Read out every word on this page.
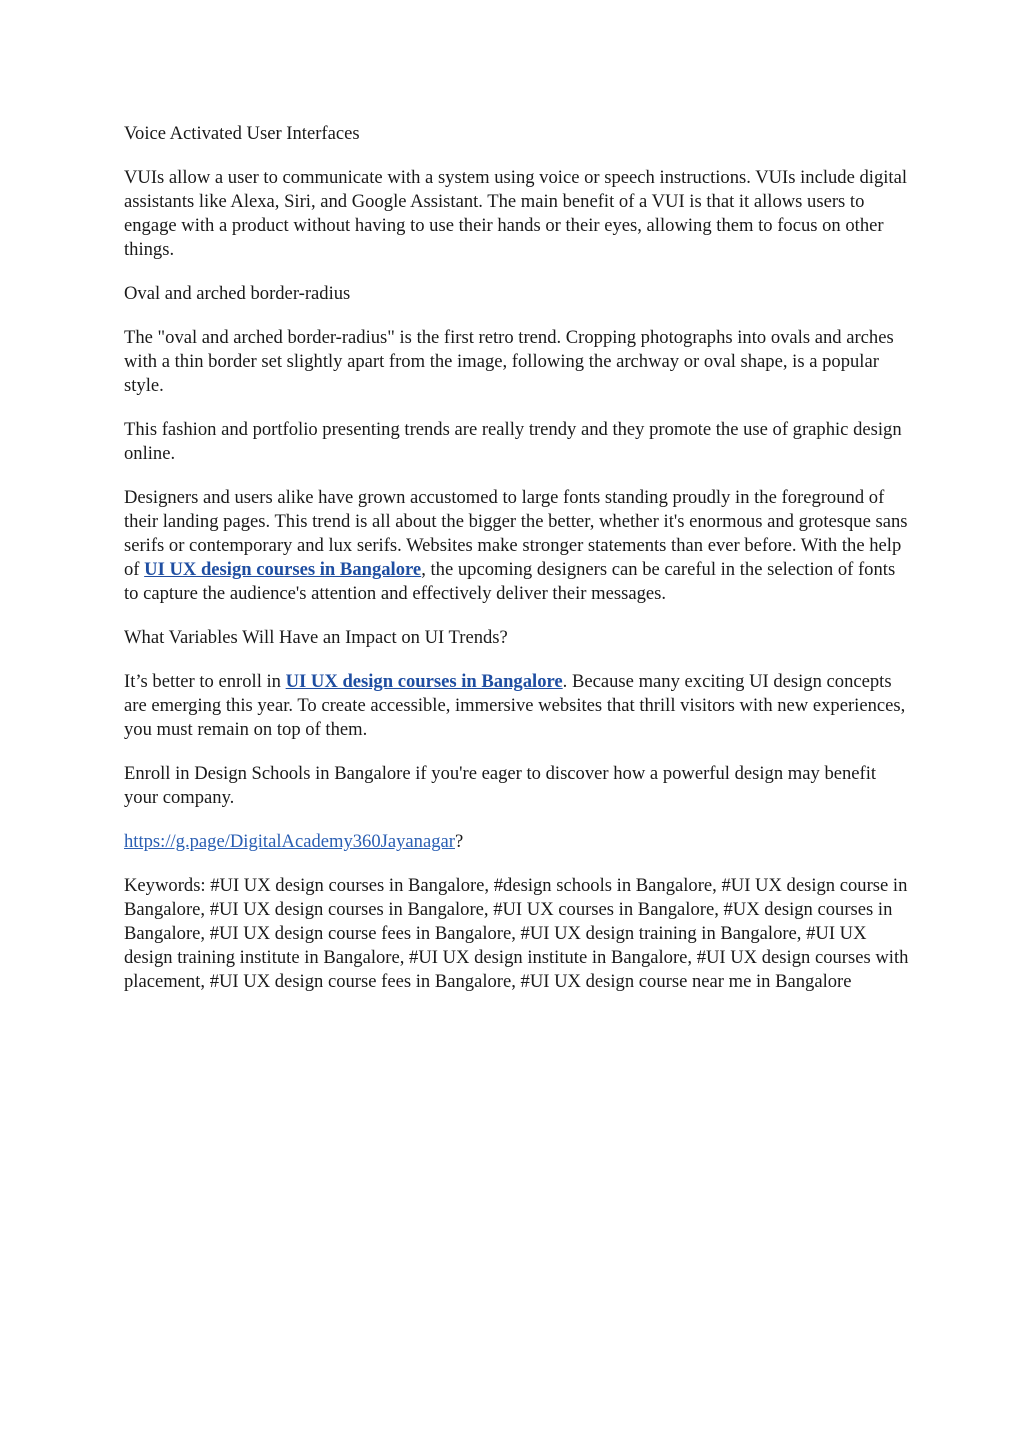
Voice Activated User Interfaces

VUIs allow a user to communicate with a system using voice or speech instructions. VUIs include digital assistants like Alexa, Siri, and Google Assistant. The main benefit of a VUI is that it allows users to engage with a product without having to use their hands or their eyes, allowing them to focus on other things.

Oval and arched border-radius

The "oval and arched border-radius" is the first retro trend. Cropping photographs into ovals and arches with a thin border set slightly apart from the image, following the archway or oval shape, is a popular style.

This fashion and portfolio presenting trends are really trendy and they promote the use of graphic design online.

Designers and users alike have grown accustomed to large fonts standing proudly in the foreground of their landing pages. This trend is all about the bigger the better, whether it's enormous and grotesque sans serifs or contemporary and lux serifs. Websites make stronger statements than ever before. With the help of UI UX design courses in Bangalore, the upcoming designers can be careful in the selection of fonts to capture the audience's attention and effectively deliver their messages.

What Variables Will Have an Impact on UI Trends?

It’s better to enroll in UI UX design courses in Bangalore. Because many exciting UI design concepts are emerging this year. To create accessible, immersive websites that thrill visitors with new experiences, you must remain on top of them.

Enroll in Design Schools in Bangalore if you're eager to discover how a powerful design may benefit your company.

https://g.page/DigitalAcademy360Jayanagar?

Keywords: #UI UX design courses in Bangalore, #design schools in Bangalore, #UI UX design course in Bangalore, #UI UX design courses in Bangalore, #UI UX courses in Bangalore, #UX design courses in Bangalore, #UI UX design course fees in Bangalore, #UI UX design training in Bangalore, #UI UX design training institute in Bangalore, #UI UX design institute in Bangalore, #UI UX design courses with placement, #UI UX design course fees in Bangalore, #UI UX design course near me in Bangalore
